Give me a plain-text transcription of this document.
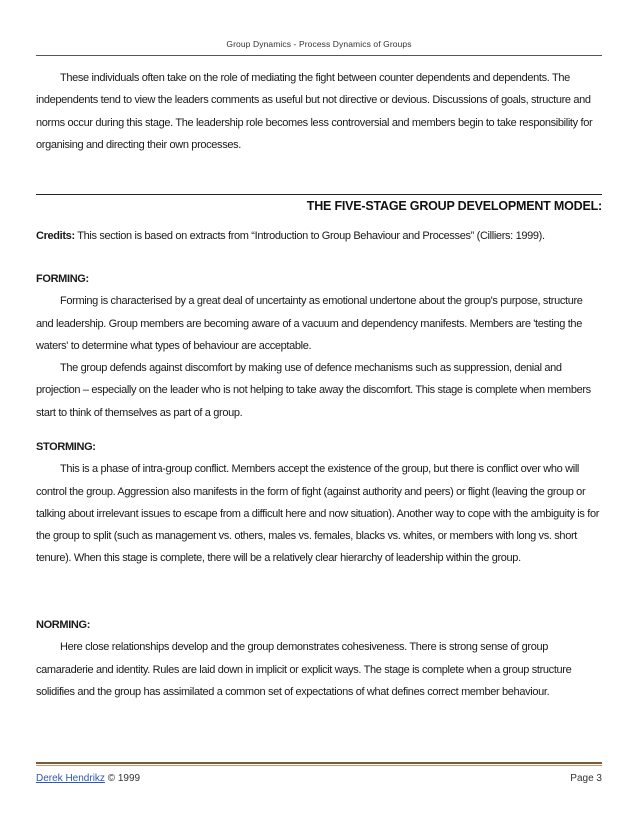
Group Dynamics - Process Dynamics of Groups

These individuals often take on the role of mediating the fight between counter dependents and dependents. The independents tend to view the leaders comments as useful but not directive or devious. Discussions of goals, structure and norms occur during this stage. The leadership role becomes less controversial and members begin to take responsibility for organising and directing their own processes.

THE FIVE-STAGE GROUP DEVELOPMENT MODEL:

Credits: This section is based on extracts from “Introduction to Group Behaviour and Processes” (Cilliers: 1999).

FORMING:

Forming is characterised by a great deal of uncertainty as emotional undertone about the group's purpose, structure and leadership. Group members are becoming aware of a vacuum and dependency manifests. Members are 'testing the waters' to determine what types of behaviour are acceptable.

The group defends against discomfort by making use of defence mechanisms such as suppression, denial and projection – especially on the leader who is not helping to take away the discomfort. This stage is complete when members start to think of themselves as part of a group.

STORMING:

This is a phase of intra-group conflict. Members accept the existence of the group, but there is conflict over who will control the group. Aggression also manifests in the form of fight (against authority and peers) or flight (leaving the group or talking about irrelevant issues to escape from a difficult here and now situation). Another way to cope with the ambiguity is for the group to split (such as management vs. others, males vs. females, blacks vs. whites, or members with long vs. short tenure). When this stage is complete, there will be a relatively clear hierarchy of leadership within the group.

NORMING:

Here close relationships develop and the group demonstrates cohesiveness. There is strong sense of group camaraderie and identity. Rules are laid down in implicit or explicit ways. The stage is complete when a group structure solidifies and the group has assimilated a common set of expectations of what defines correct member behaviour.

Derek Hendrikz © 1999	Page 3
